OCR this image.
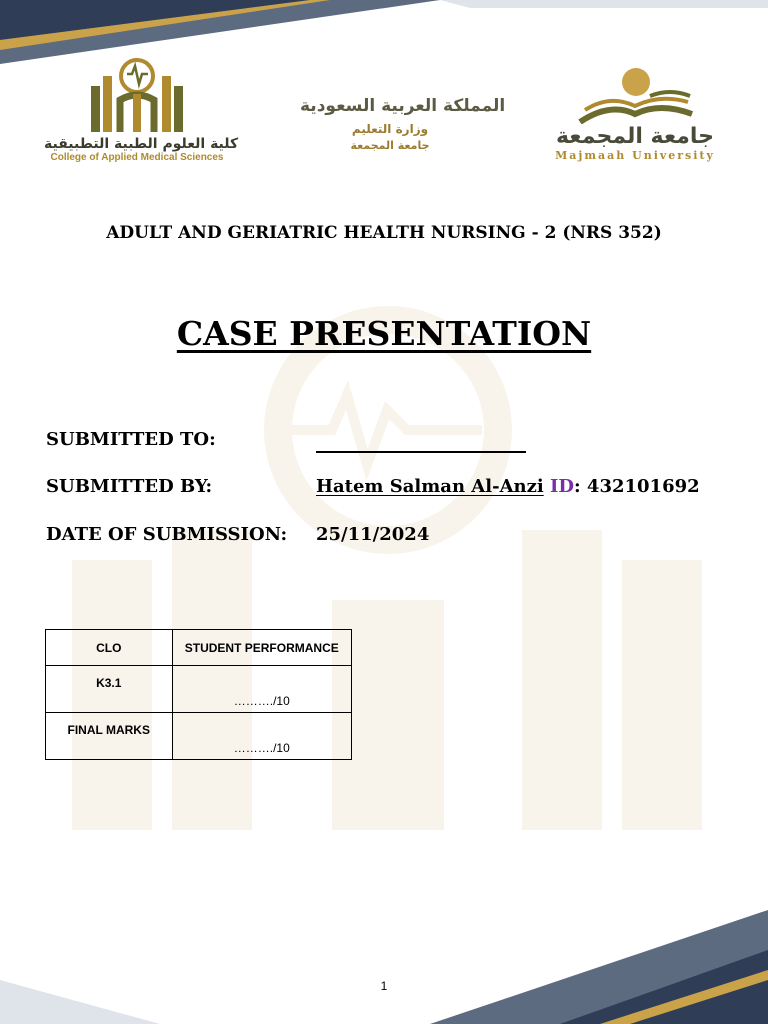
كلية العلوم الطبية التطبيقية
College of Applied Medical Sciences
المملكة العربية السعودية
وزارة التعليم
جامعة المجمعة	جامعة المجمعة
Majmaah University
ADULT AND GERIATRIC HEALTH NURSING - 2 (NRS 352)
CASE PRESENTATION
SUBMITTED TO:
SUBMITTED BY:	Hatem Salman Al-Anzi ID: 432101692
DATE OF SUBMISSION: 25/11/2024
CLO	STUDENT PERFORMANCE
K3.1	………./10
FINAL MARKS	………./10
1
